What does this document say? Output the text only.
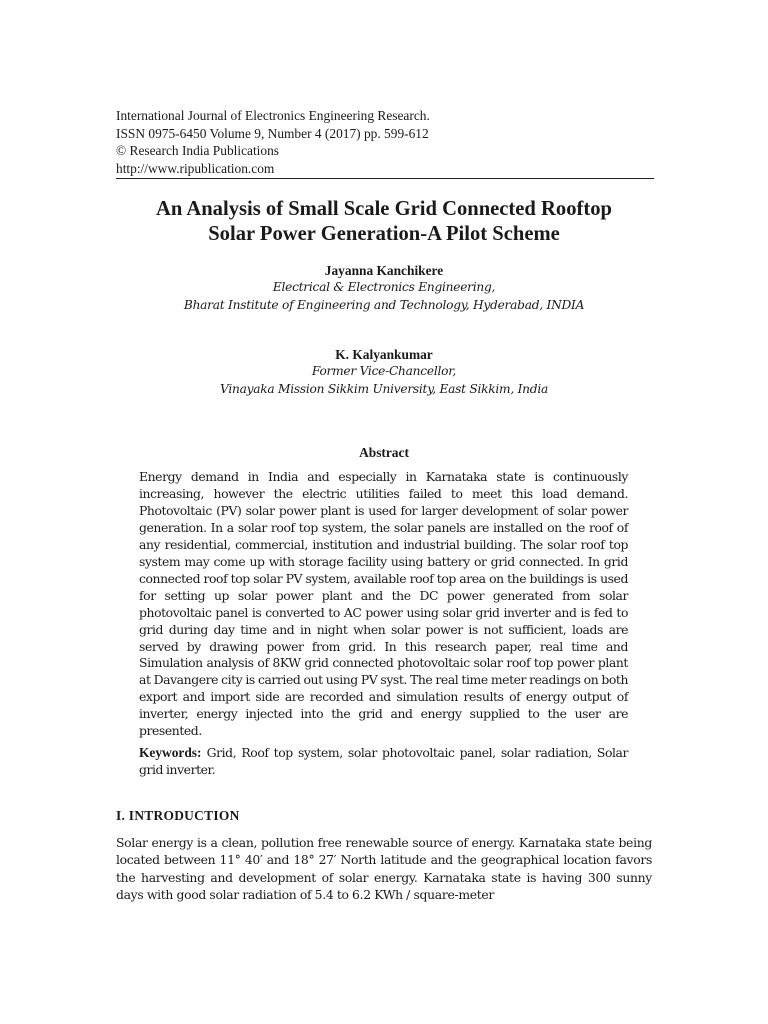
International Journal of Electronics Engineering Research.
ISSN 0975-6450 Volume 9, Number 4 (2017) pp. 599-612
© Research India Publications
http://www.ripublication.com
An Analysis of Small Scale Grid Connected Rooftop
Solar Power Generation-A Pilot Scheme
Jayanna Kanchikere
Electrical & Electronics Engineering,
Bharat Institute of Engineering and Technology, Hyderabad, INDIA
K. Kalyankumar
Former Vice-Chancellor,
Vinayaka Mission Sikkim University, East Sikkim, India
Abstract

Energy demand in India and especially in Karnataka state is continuously increasing, however the electric utilities failed to meet this load demand. Photovoltaic (PV) solar power plant is used for larger development of solar power generation. In a solar roof top system, the solar panels are installed on the roof of any residential, commercial, institution and industrial building. The solar roof top system may come up with storage facility using battery or grid connected. In grid connected roof top solar PV system, available roof top area on the buildings is used for setting up solar power plant and the DC power generated from solar photovoltaic panel is converted to AC power using solar grid inverter and is fed to grid during day time and in night when solar power is not sufficient, loads are served by drawing power from grid. In this research paper, real time and Simulation analysis of 8KW grid connected photovoltaic solar roof top power plant at Davangere city is carried out using PV syst. The real time meter readings on both export and import side are recorded and simulation results of energy output of inverter, energy injected into the grid and energy supplied to the user are presented.

Keywords: Grid, Roof top system, solar photovoltaic panel, solar radiation, Solar grid inverter.

I. INTRODUCTION

Solar energy is a clean, pollution free renewable source of energy. Karnataka state being located between 11° 40′ and 18° 27′ North latitude and the geographical location favors the harvesting and development of solar energy. Karnataka state is having 300 sunny days with good solar radiation of 5.4 to 6.2 KWh / square-meter
